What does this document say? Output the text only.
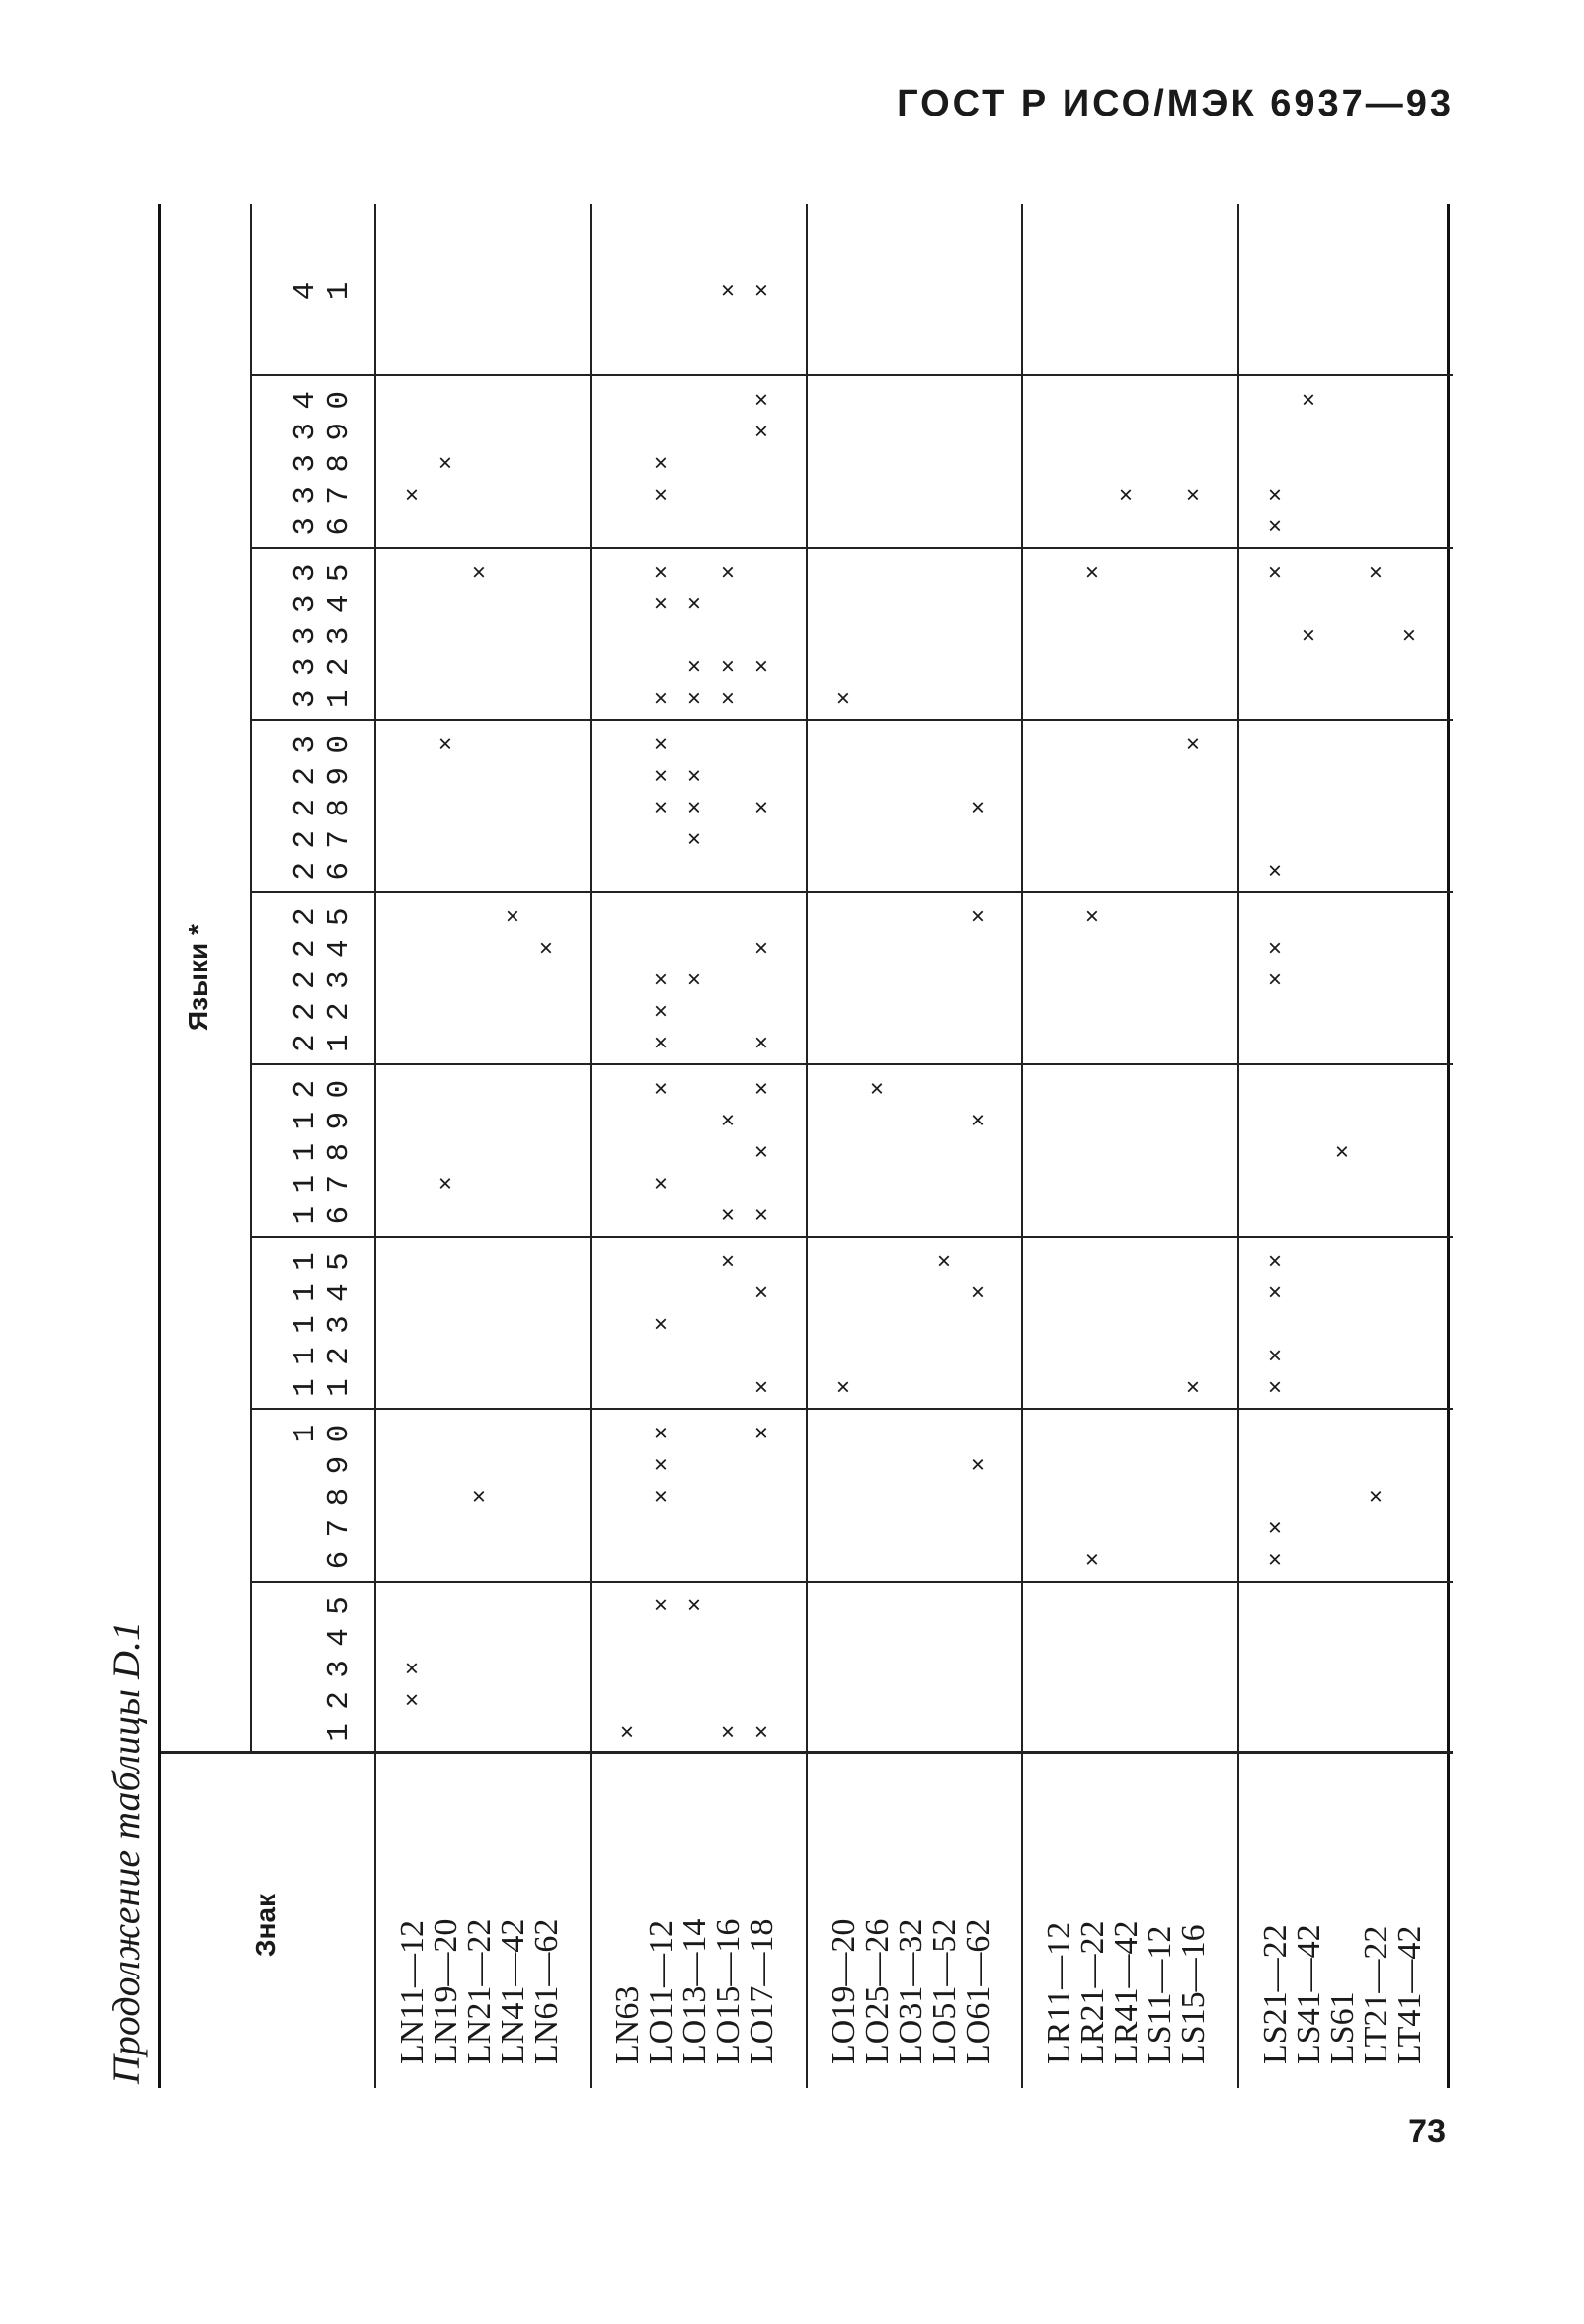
ГОСТ Р ИСО/МЭК 6937—93
Продолжение таблицы D.1	Знак
Языки *

1

2

3

4

5

6

7

8

9
1
0
1
1
1
2
1
3
1
4
1
5
1
6
1
7
1
8
1
9
2
0
2
1
2
2
2
3
2
4
2
5
2
6
2
7
2
8
2
9
3
0
3
1
3
2
3
3
3
4
3
5
3
6
3
7
3
8
3
9
4
0
4
1
×
×
×
×
×
×
×
×
×
×
LN11—12
LN19—20
LN21—22
LN41—42
LN61—62
×
×
×
×
×
×
×
×
×
×
×
×
×
×
×
×
×
×
×
×
×
×
×
×
×
×
×
×
×
×
×
×
×
×
×
×
×
×
×
×
×
×
×
×
×
×
×
×
×
LN63
LO11—12
LO13—14
LO15—16
LO17—18
×
×
×
×
×
×
×
×
×
LO19—20
LO25—26
LO31—32
LO51—52
LO61—62
×
×
×
×
×
×
×
LR11—12
LR21—22
LR41—42
LS11—12
LS15—16
×
×
×
×
×
×
×
×
×
×
×
×
×
×
×
×
×
×
LS21—22
LS41—42
LS61
LT21—22
LT41—42
73
